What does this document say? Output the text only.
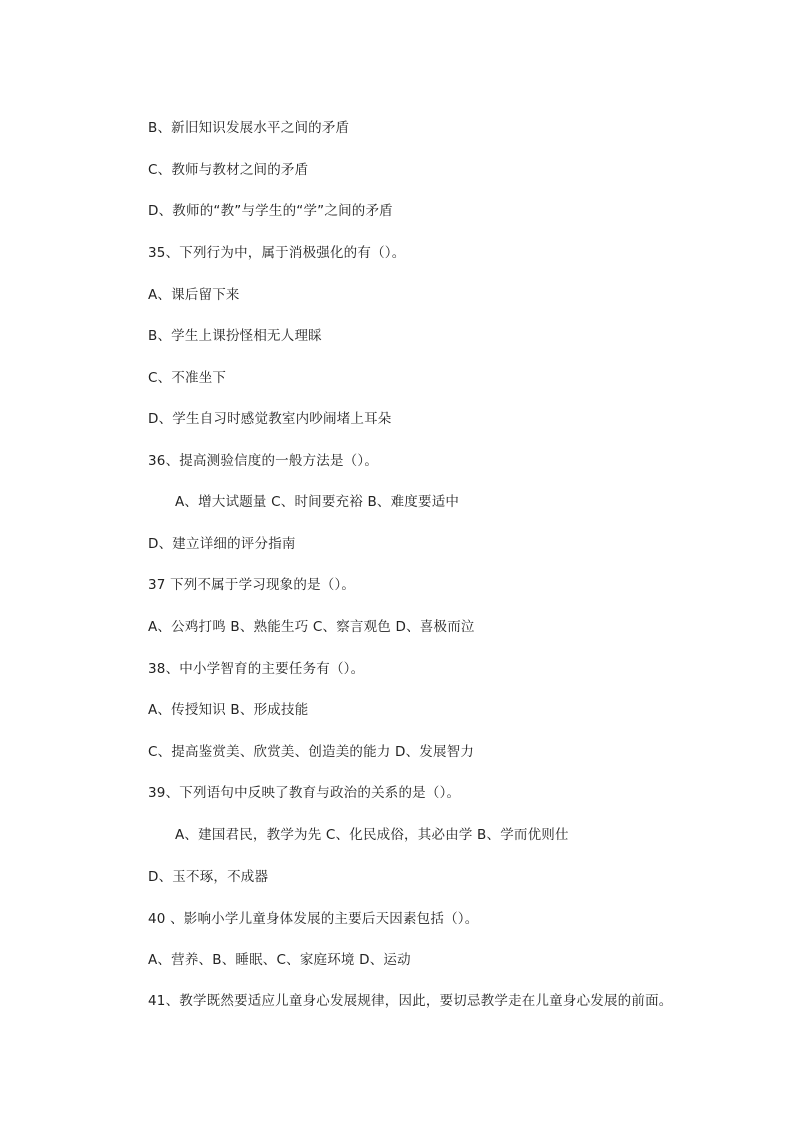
B、新旧知识发展水平之间的矛盾
C、教师与教材之间的矛盾
D、教师的“教”与学生的“学”之间的矛盾
35、下列行为中，属于消极强化的有（）。
A、课后留下来
B、学生上课扮怪相无人理睬
C、不准坐下
D、学生自习时感觉教室内吵闹堵上耳朵
36、提高测验信度的一般方法是（）。
A、增大试题量 C、时间要充裕 B、难度要适中
D、建立详细的评分指南
37 下列不属于学习现象的是（）。
A、公鸡打鸣 B、熟能生巧 C、察言观色 D、喜极而泣
38、中小学智育的主要任务有（）。
A、传授知识 B、形成技能
C、提高鉴赏美、欣赏美、创造美的能力 D、发展智力
39、下列语句中反映了教育与政治的关系的是（）。
A、建国君民，教学为先 C、化民成俗，其必由学 B、学而优则仕
D、玉不琢，不成器
40 、影响小学儿童身体发展的主要后天因素包括（）。
A、营养、B、睡眠、C、家庭环境 D、运动
41、教学既然要适应儿童身心发展规律，因此，要切忌教学走在儿童身心发展的前面。
